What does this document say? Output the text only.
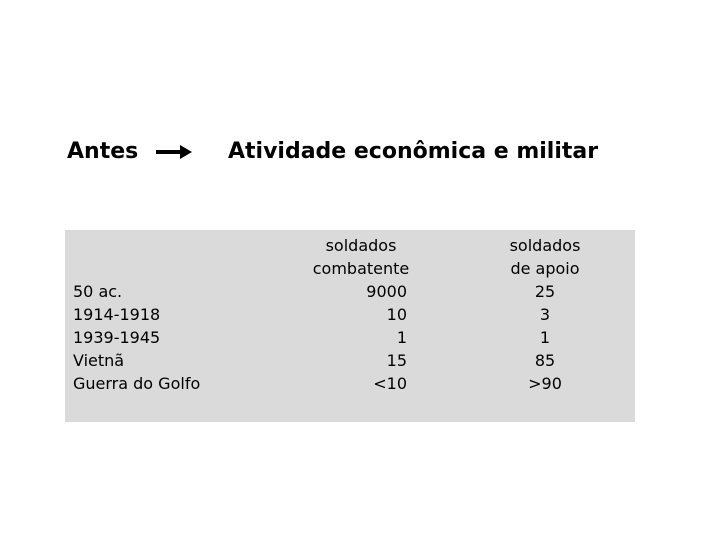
Antes	Atividade econômica e militar
50 ac.
1914-1918
1939-1945
Vietnã
Guerra do Golfo
soldados
combatente
9000
10
1
15
<10
soldados
de apoio
25
3
1
85
>90
